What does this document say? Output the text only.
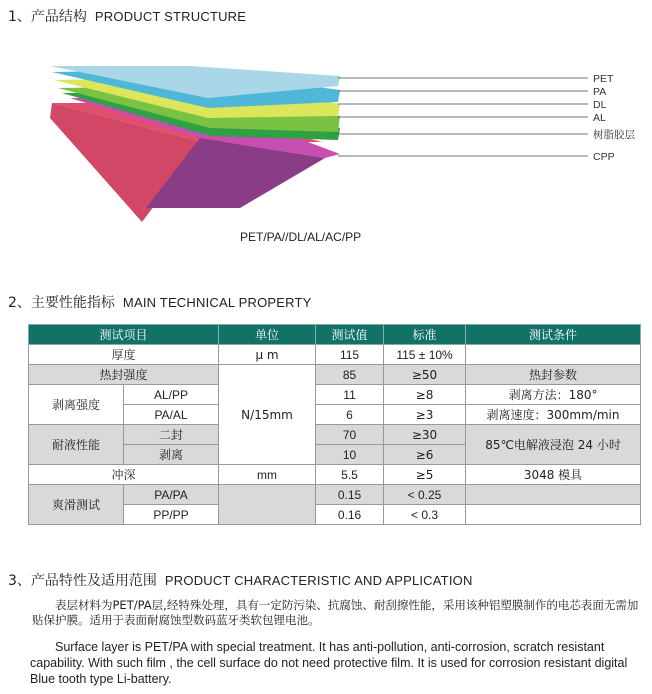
1、产品结构 PRODUCT STRUCTURE
PET
PA
DL
AL
树脂胶层
CPP
PET/PA//DL/AL/AC/PP
2、主要性能指标 MAIN TECHNICAL PROPERTY
测试项目		单位	测试值	标准	测试条件
厚度		μ m	115	115 ± 10%	
热封强度		N/15mm	85	≥50	热封参数
剥离强度	AL/PP		11	≥8	剥离方法：180°
	PA/AL		6	≥3	剥离速度：300mm/min
耐液性能	二封		70	≥30	85℃电解液浸泡 24 小时
	剥离		10	≥6	
冲深		mm	5.5	≥5	3048 模具
爽滑测试	PA/PA		0.15	< 0.25	
	PP/PP		0.16	< 0.3	
3、产品特性及适用范围 PRODUCT CHARACTERISTIC AND APPLICATION

表层材料为PET/PA层,经特殊处理，具有一定防污染、抗腐蚀、耐刮擦性能，采用该种铝塑膜制作的电芯表面无需加贴保护膜。适用于表面耐腐蚀型数码蓝牙类软包锂电池。

Surface layer is PET/PA with special treatment. It has anti-pollution, anti-corrosion, scratch resistant capability. With such film , the cell surface do not need protective film. It is used for corrosion resistant digital Blue tooth type Li-battery.
